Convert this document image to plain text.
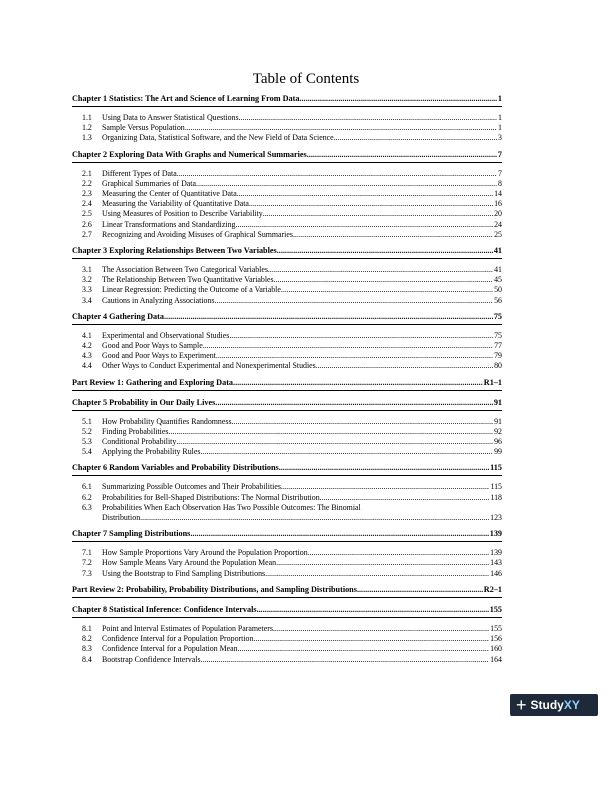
Table of Contents
Chapter 1 Statistics: The Art and Science of Learning From Data .....	1
1.1	Using Data to Answer Statistical Questions .....	1
1.2	Sample Versus Population .....	1
1.3	Organizing Data, Statistical Software, and the New Field of Data Science .....	3
Chapter 2 Exploring Data With Graphs and Numerical Summaries .....	7
2.1	Different Types of Data .....	7
2.2	Graphical Summaries of Data .....	8
2.3	Measuring the Center of Quantitative Data .....	14
2.4	Measuring the Variability of Quantitative Data .....	16
2.5	Using Measures of Position to Describe Variability .....	20
2.6	Linear Transformations and Standardizing .....	24
2.7	Recognizing and Avoiding Misuses of Graphical Summaries .....	25
Chapter 3 Exploring Relationships Between Two Variables .....	41
3.1	The Association Between Two Categorical Variables .....	41
3.2	The Relationship Between Two Quantitative Variables .....	45
3.3	Linear Regression: Predicting the Outcome of a Variable .....	50
3.4	Cautions in Analyzing Associations .....	56
Chapter 4 Gathering Data .....	75
4.1	Experimental and Observational Studies .....	75
4.2	Good and Poor Ways to Sample .....	77
4.3	Good and Poor Ways to Experiment .....	79
4.4	Other Ways to Conduct Experimental and Nonexperimental Studies .....	80
Part Review 1: Gathering and Exploring Data .....	R1–1
Chapter 5 Probability in Our Daily Lives .....	91
5.1	How Probability Quantifies Randomness .....	91
5.2	Finding Probabilities .....	92
5.3	Conditional Probability .....	96
5.4	Applying the Probability Rules .....	99
Chapter 6 Random Variables and Probability Distributions .....	115
6.1	Summarizing Possible Outcomes and Their Probabilities .....	115
6.2	Probabilities for Bell-Shaped Distributions: The Normal Distribution .....	118
6.3	Probabilities When Each Observation Has Two Possible Outcomes: The Binomial
Distribution .....	123
Chapter 7 Sampling Distributions .....	139
7.1	How Sample Proportions Vary Around the Population Proportion .....	139
7.2	How Sample Means Vary Around the Population Mean .....	143
7.3	Using the Bootstrap to Find Sampling Distributions .....	146
Part Review 2: Probability, Probability Distributions, and Sampling Distributions .....	R2–1
Chapter 8 Statistical Inference: Confidence Intervals .....	155
8.1	Point and Interval Estimates of Population Parameters .....	155
8.2	Confidence Interval for a Population Proportion .....	156
8.3	Confidence Interval for a Population Mean .....	160
8.4	Bootstrap Confidence Intervals .....	164
+ Study XY
